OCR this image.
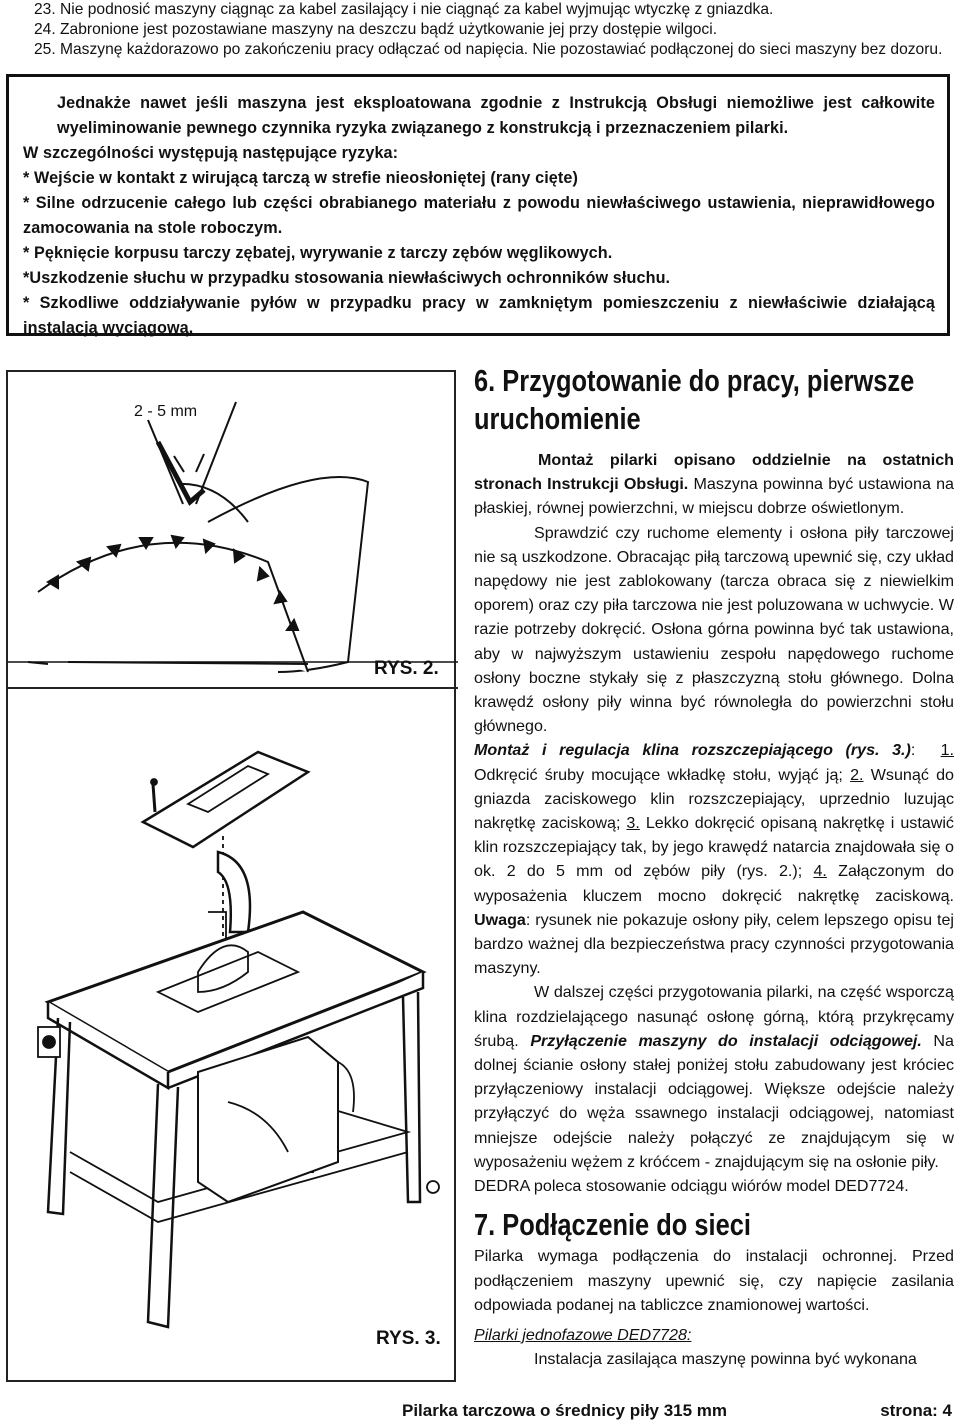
23. Nie podnosić maszyny ciągnąc za kabel zasilający i nie ciągnąć za kabel wyjmując wtyczkę z gniazdka.
24. Zabronione jest pozostawiane maszyny na deszczu bądź użytkowanie jej przy dostępie wilgoci.
25. Maszynę każdorazowo po zakończeniu pracy odłączać od napięcia. Nie pozostawiać podłączonej do sieci maszyny bez dozoru.

Jednakże nawet jeśli maszyna jest eksploatowana zgodnie z Instrukcją Obsługi niemożliwe jest całkowite wyeliminowanie pewnego czynnika ryzyka związanego z konstrukcją i przeznaczeniem pilarki.

W szczególności występują następujące ryzyka:

* Wejście w kontakt z wirującą tarczą w strefie nieosłoniętej (rany cięte)

* Silne odrzucenie całego lub części obrabianego materiału z powodu niewłaściwego ustawienia, nieprawidłowego zamocowania na stole roboczym.

* Pęknięcie korpusu tarczy zębatej, wyrywanie z tarczy zębów węglikowych.

*Uszkodzenie słuchu w przypadku stosowania niewłaściwych ochronników słuchu.

* Szkodliwe oddziaływanie pyłów w przypadku pracy w zamkniętym pomieszczeniu z niewłaściwie działającą instalacją wyciągową.

2 - 5 mm
RYS. 2.
RYS. 3.
6. Przygotowanie do pracy, pierwsze uruchomienie

Montaż pilarki opisano oddzielnie na ostatnich stronach Instrukcji Obsługi. Maszyna powinna być ustawiona na płaskiej, równej powierzchni, w miejscu dobrze oświetlonym.

Sprawdzić czy ruchome elementy i osłona piły tarczowej nie są uszkodzone. Obracając piłą tarczową upewnić się, czy układ napędowy nie jest zablokowany (tarcza obraca się z niewielkim oporem) oraz czy piła tarczowa nie jest poluzowana w uchwycie. W razie potrzeby dokręcić. Osłona górna powinna być tak ustawiona, aby w najwyższym ustawieniu zespołu napędowego ruchome osłony boczne stykały się z płaszczyzną stołu głównego. Dolna krawędź osłony piły winna być równoległa do powierzchni stołu głównego.

Montaż i regulacja klina rozszczepiającego (rys. 3.): 1. Odkręcić śruby mocujące wkładkę stołu, wyjąć ją; 2. Wsunąć do gniazda zaciskowego klin rozszczepiający, uprzednio luzując nakrętkę zaciskową; 3. Lekko dokręcić opisaną nakrętkę i ustawić klin rozszczepiający tak, by jego krawędź natarcia znajdowała się o ok. 2 do 5 mm od zębów piły (rys. 2.); 4. Załączonym do wyposażenia kluczem mocno dokręcić nakrętkę zaciskową. Uwaga: rysunek nie pokazuje osłony piły, celem lepszego opisu tej bardzo ważnej dla bezpieczeństwa pracy czynności przygotowania maszyny.

W dalszej części przygotowania pilarki, na część wsporczą klina rozdzielającego nasunąć osłonę górną, którą przykręcamy śrubą. Przyłączenie maszyny do instalacji odciągowej. Na dolnej ścianie osłony stałej poniżej stołu zabudowany jest króciec przyłączeniowy instalacji odciągowej. Większe odejście należy przyłączyć do węża ssawnego instalacji odciągowej, natomiast mniejsze odejście należy połączyć ze znajdującym się w wyposażeniu wężem z króćcem - znajdującym się na osłonie piły.

DEDRA poleca stosowanie odciągu wiórów model DED7724.

7. Podłączenie do sieci

Pilarka wymaga podłączenia do instalacji ochronnej. Przed podłączeniem maszyny upewnić się, czy napięcie zasilania odpowiada podanej na tabliczce znamionowej wartości.

Pilarki jednofazowe DED7728:

Instalacja zasilająca maszynę powinna być wykonana

Pilarka tarczowa o średnicy piły 315 mm	strona: 4
